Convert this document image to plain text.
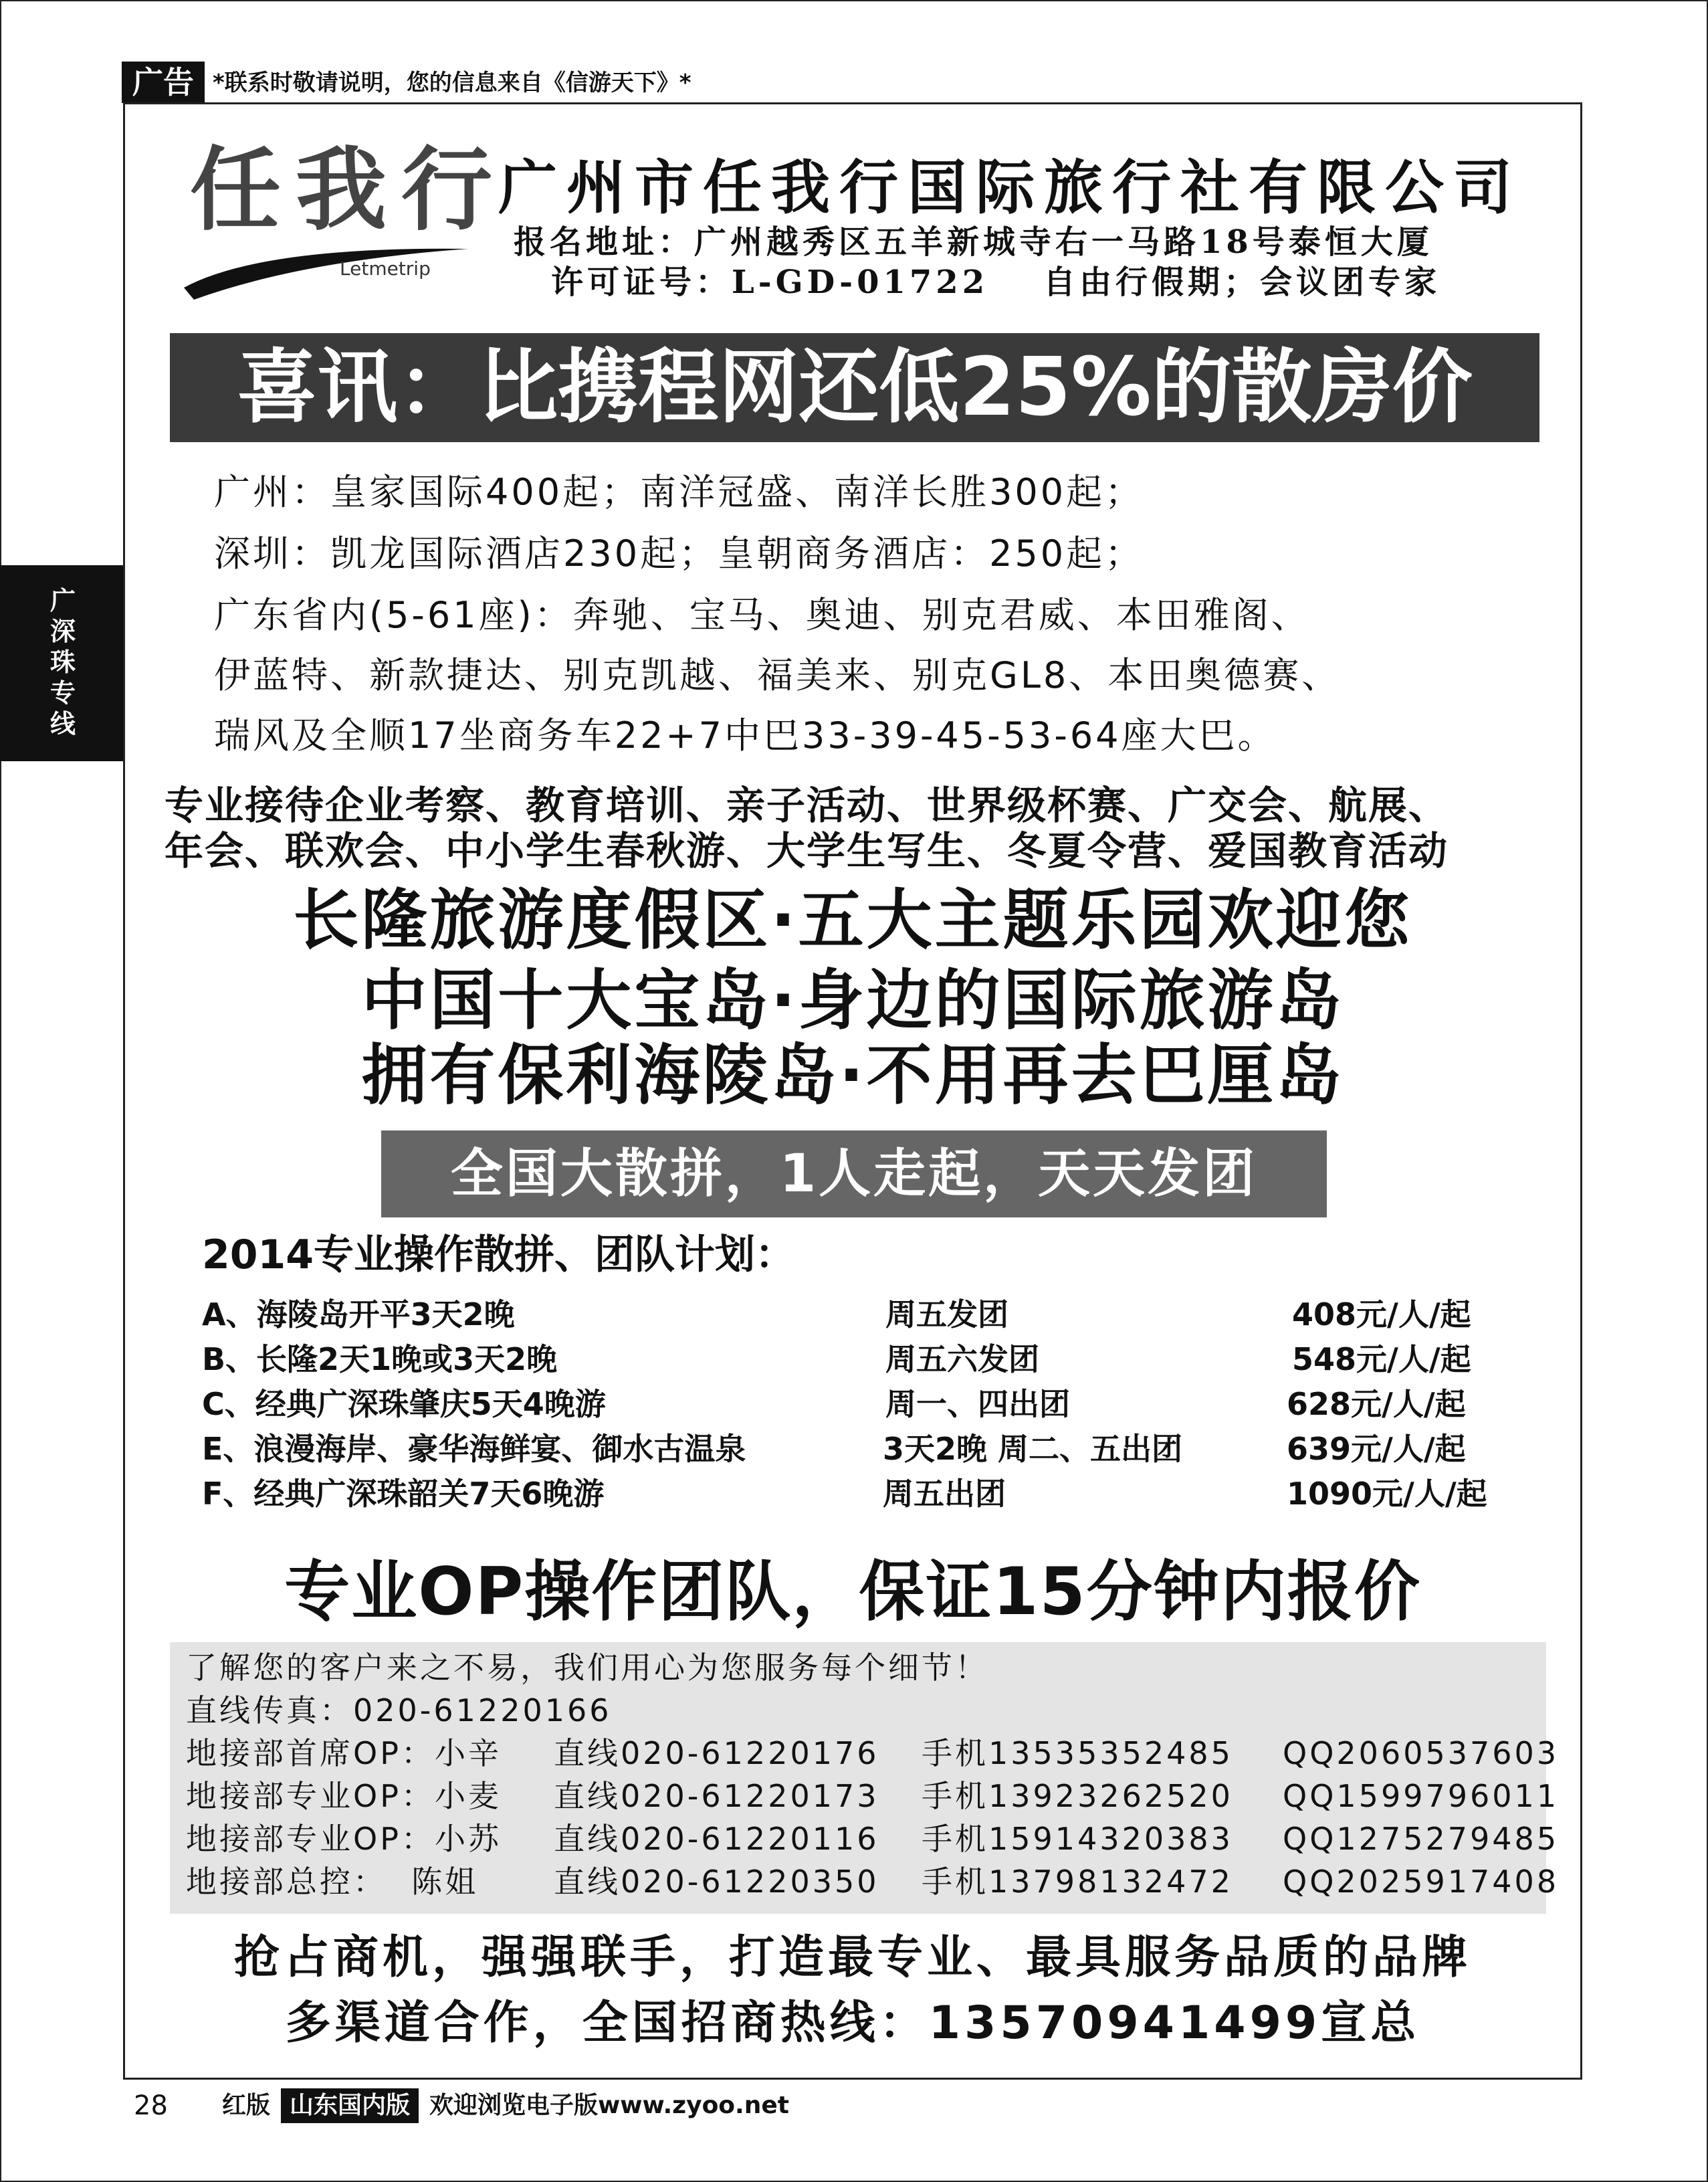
广告 *联系时敬请说明，您的信息来自《信游天下》*
广深珠专线
任我行
Letmetrip
广州市任我行国际旅行社有限公司
报名地址：广州越秀区五羊新城寺右一马路18号泰恒大厦
许可证号：L-GD-01722 自由行假期；会议团专家
喜讯：比携程网还低25%的散房价
广州：皇家国际400起；南洋冠盛、南洋长胜300起；
深圳：凯龙国际酒店230起；皇朝商务酒店：250起；
广东省内(5-61座)：奔驰、宝马、奥迪、别克君威、本田雅阁、
伊蓝特、新款捷达、别克凯越、福美来、别克GL8、本田奥德赛、
瑞风及全顺17坐商务车22+7中巴33-39-45-53-64座大巴。
专业接待企业考察、教育培训、亲子活动、世界级杯赛、广交会、航展、
年会、联欢会、中小学生春秋游、大学生写生、冬夏令营、爱国教育活动
长隆旅游度假区·五大主题乐园欢迎您
中国十大宝岛·身边的国际旅游岛
拥有保利海陵岛·不用再去巴厘岛
全国大散拼，1人走起，天天发团
2014专业操作散拼、团队计划：
A、海陵岛开平3天2晚	周五发团	408元/人/起
B、长隆2天1晚或3天2晚	周五六发团	548元/人/起
C、经典广深珠肇庆5天4晚游	周一、四出团	628元/人/起
E、浪漫海岸、豪华海鲜宴、御水古温泉	3天2晚 周二、五出团	639元/人/起
F、经典广深珠韶关7天6晚游	周五出团	1090元/人/起
专业OP操作团队，保证15分钟内报价
了解您的客户来之不易，我们用心为您服务每个细节！
直线传真：020-61220166
地接部首席OP：小辛 直线020-61220176 手机13535352485 QQ2060537603
地接部专业OP：小麦 直线020-61220173 手机13923262520 QQ1599796011
地接部专业OP：小苏 直线020-61220116 手机15914320383 QQ1275279485
地接部总控：  陈姐 直线020-61220350 手机13798132472 QQ2025917408
抢占商机，强强联手，打造最专业、最具服务品质的品牌
多渠道合作，全国招商热线：13570941499宣总
28 红版 山东国内版 欢迎浏览电子版www.zyoo.net
